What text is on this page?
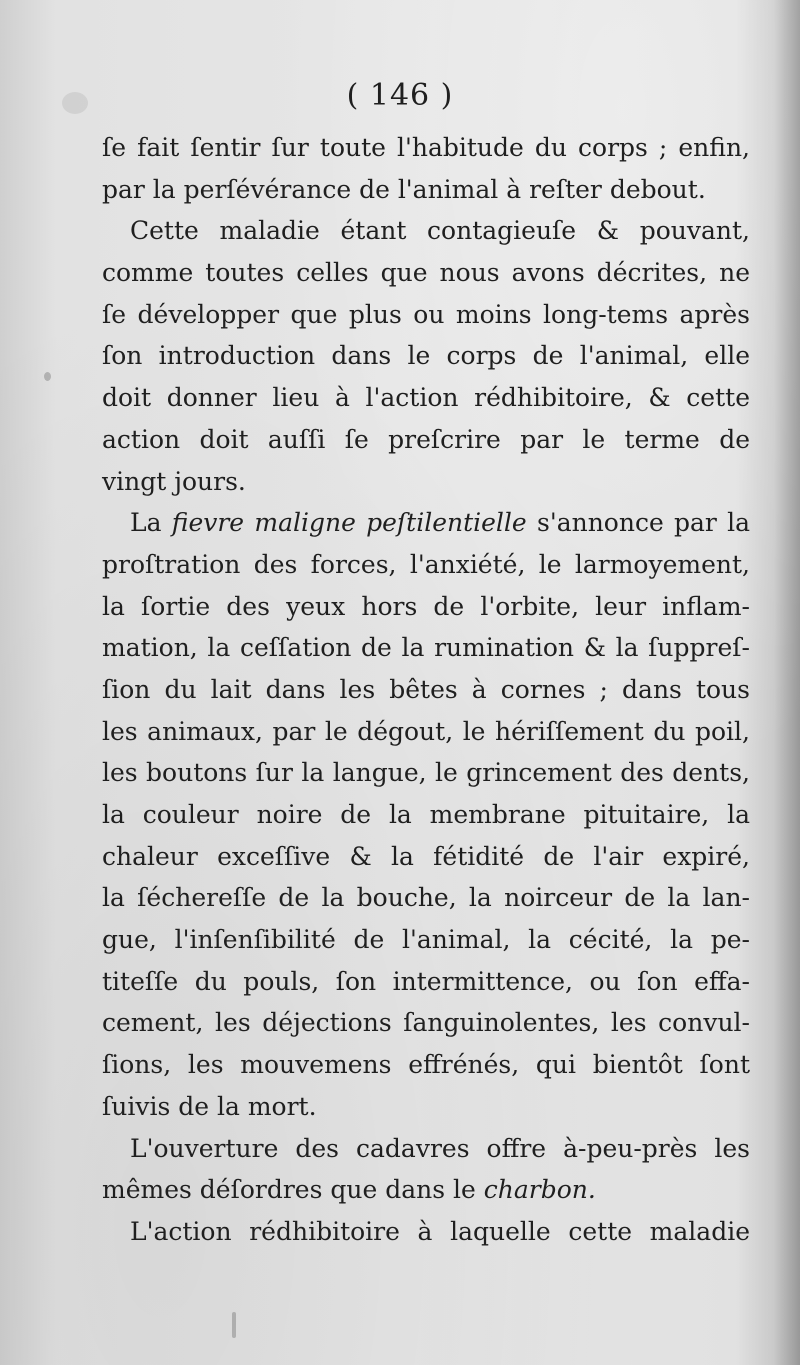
( 146 )
ſe fait ſentir ſur toute l'habitude du corps ; enfin,
par la perſévérance de l'animal à reſter debout.
Cette maladie étant contagieuſe & pouvant,
comme toutes celles que nous avons décrites, ne
ſe développer que plus ou moins long-tems après
ſon introduction dans le corps de l'animal, elle
doit donner lieu à l'action rédhibitoire, & cette
action doit auſſi ſe preſcrire par le terme de
vingt jours.
La fievre maligne peſtilentielle s'annonce par la
proſtration des forces, l'anxiété, le larmoyement,
la ſortie des yeux hors de l'orbite, leur inflam-
mation, la ceſſation de la rumination & la ſuppreſ-
ſion du lait dans les bêtes à cornes ; dans tous
les animaux, par le dégout, le hériſſement du poil,
les boutons ſur la langue, le grincement des dents,
la couleur noire de la membrane pituitaire, la
chaleur exceſſive & la fétidité de l'air expiré,
la ſéchereſſe de la bouche, la noirceur de la lan-
gue, l'inſenſibilité de l'animal, la cécité, la pe-
titeſſe du pouls, ſon intermittence, ou ſon effa-
cement, les déjections ſanguinolentes, les convul-
ſions, les mouvemens effrénés, qui bientôt ſont
ſuivis de la mort.
L'ouverture des cadavres offre à-peu-près les
mêmes déſordres que dans le charbon.
L'action rédhibitoire à laquelle cette maladie
